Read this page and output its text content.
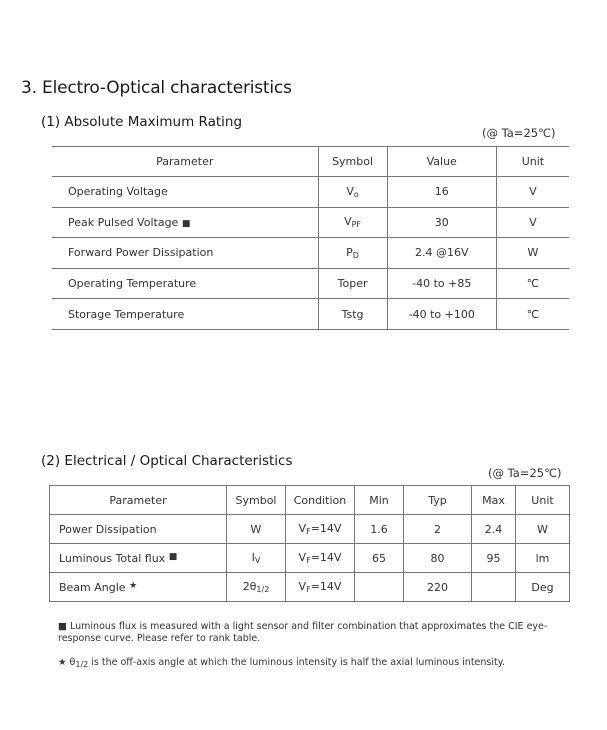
3. Electro-Optical characteristics
(1) Absolute Maximum Rating
(@ Ta=25℃)
Parameter	Symbol	Value	Unit
Operating Voltage	$V_o$	16	V
Peak Pulsed Voltage ■	$V_{PF}$	30	V
Forward Power Dissipation	$P_D$	2.4 @16V	W
Operating Temperature	Toper	-40 to +85	℃
Storage Temperature	Tstg	-40 to +100	℃
(2) Electrical / Optical Characteristics
(@ Ta=25℃)
Parameter	Symbol	Condition	Min	Typ	Max	Unit
Power Dissipation	W	$V_F=14V$	1.6	2	2.4	W
Luminous Total flux ■	$I_V$	$V_F=14V$	65	80	95	lm
Beam Angle ★	$2\theta_{1/2}$	$V_F=14V$		220		Deg
■ Luminous flux is measured with a light sensor and filter combination that approximates the CIE eye-response curve. Please refer to rank table.
★ $\theta_{1/2}$ is the off-axis angle at which the luminous intensity is half the axial luminous intensity.
